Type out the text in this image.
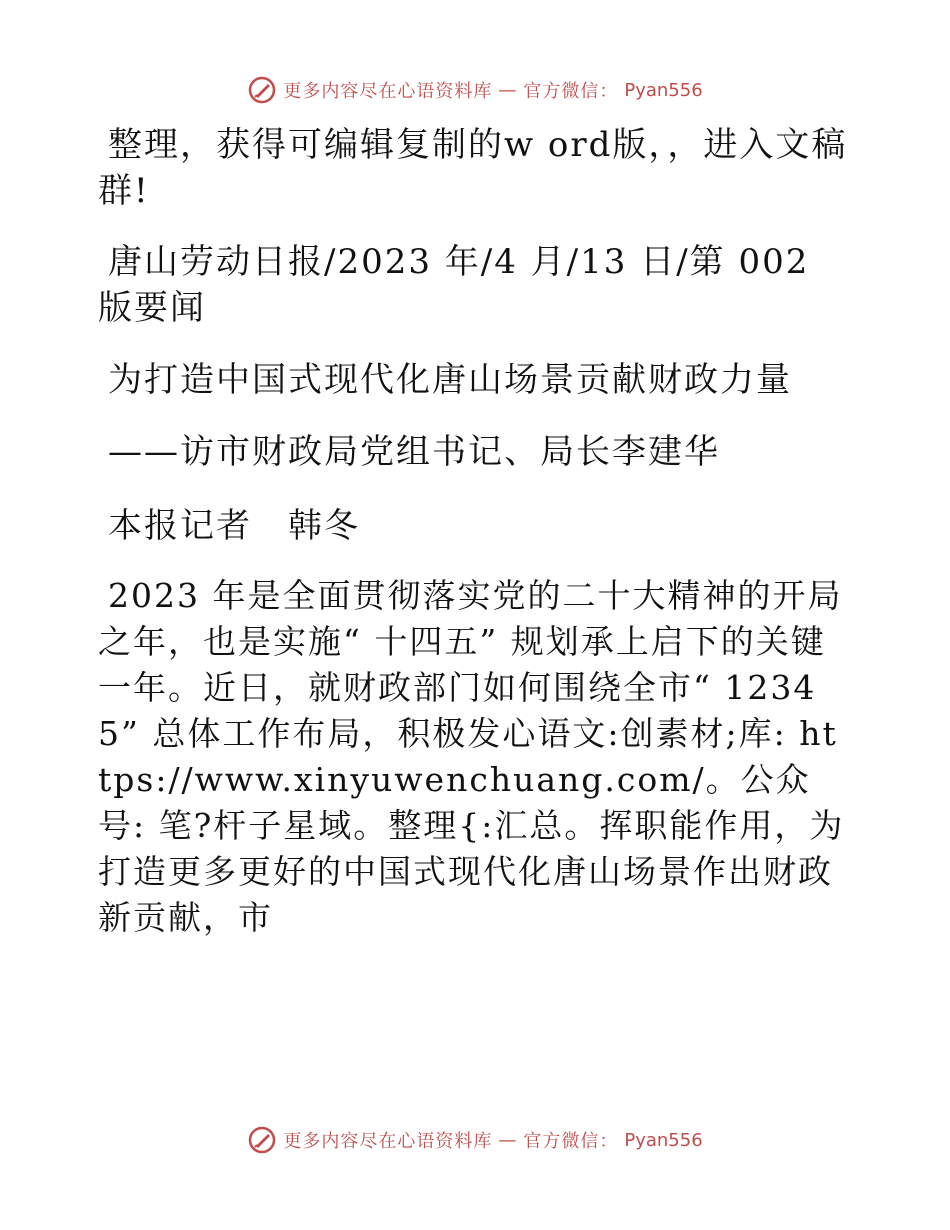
更多内容尽在心语资料库 — 官方微信： Pyan556

整理，获得可编辑复制的w ord版，，进入文稿群!

唐山劳动日报/2023 年/4 月/13 日/第 002 版要闻

为打造中国式现代化唐山场景贡献财政力量

——访市财政局党组书记、局长李建华

本报记者　韩冬

2023 年是全面贯彻落实党的二十大精神的开局之年，也是实施“ 十四五” 规划承上启下的关键一年。近日，就财政部门如何围绕全市“ 12345” 总体工作布局，积极发心语文:创素材;库: https://www.xinyuwenchuang.com/。公众号: 笔?杆子星域。整理{:汇总。挥职能作用，为打造更多更好的中国式现代化唐山场景作出财政新贡献，市

更多内容尽在心语资料库 — 官方微信： Pyan556
